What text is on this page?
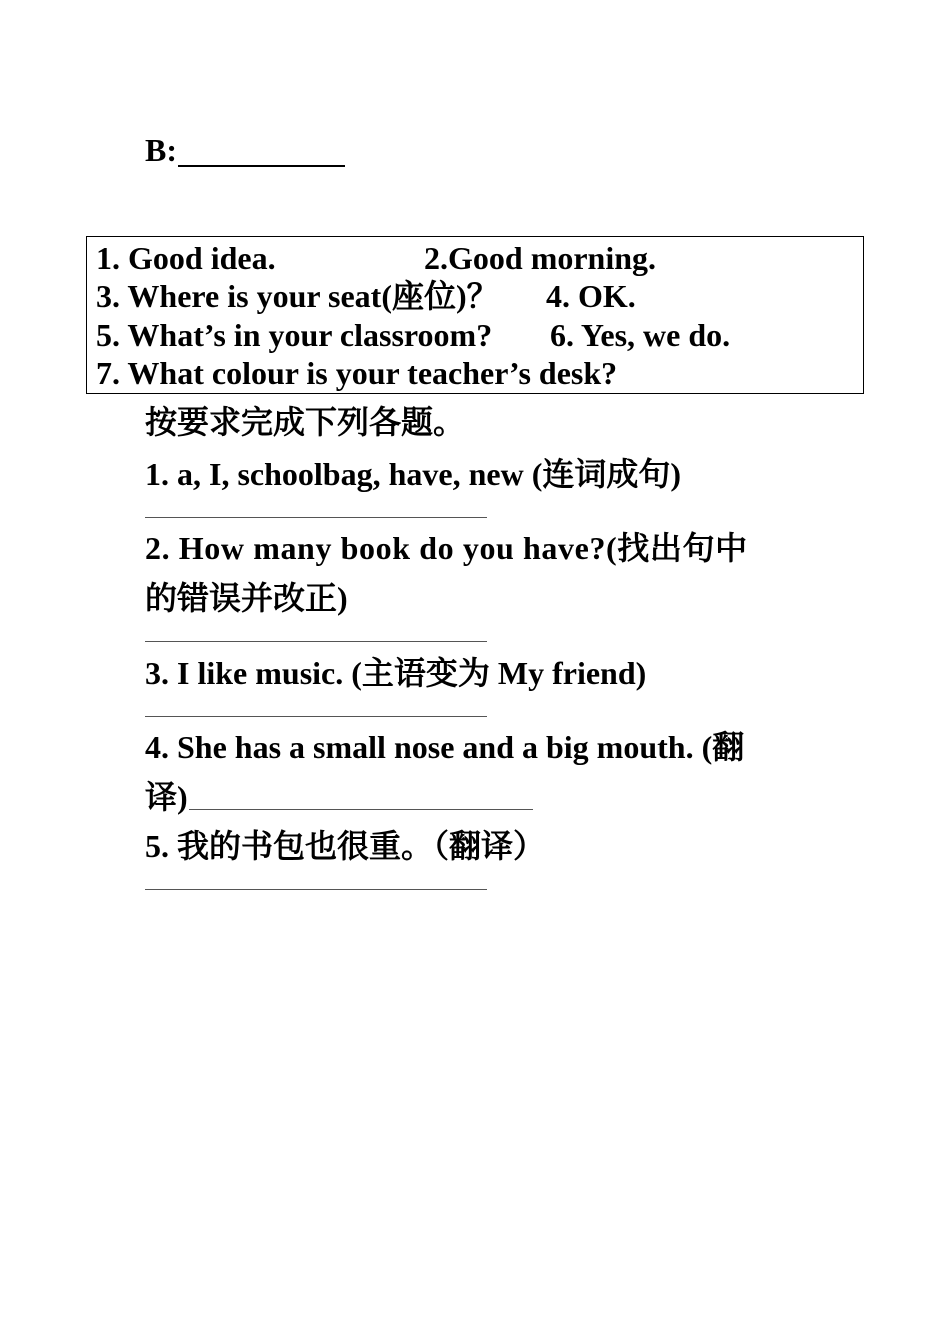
B:
1. Good idea.	2.Good morning.
3. Where is your seat(座位)？ 4. OK.
5. What’s in your classroom? 6. Yes, we do.
7. What colour is your teacher’s desk?
按要求完成下列各题。
1. a, I, schoolbag, have, new (连词成句)
2. How many book do you have?(找出句中
的错误并改正)
3. I like music. (主语变为 My friend)
4. She has a small nose and a big mouth. (翻
译)
5. 我的书包也很重。（翻译）
